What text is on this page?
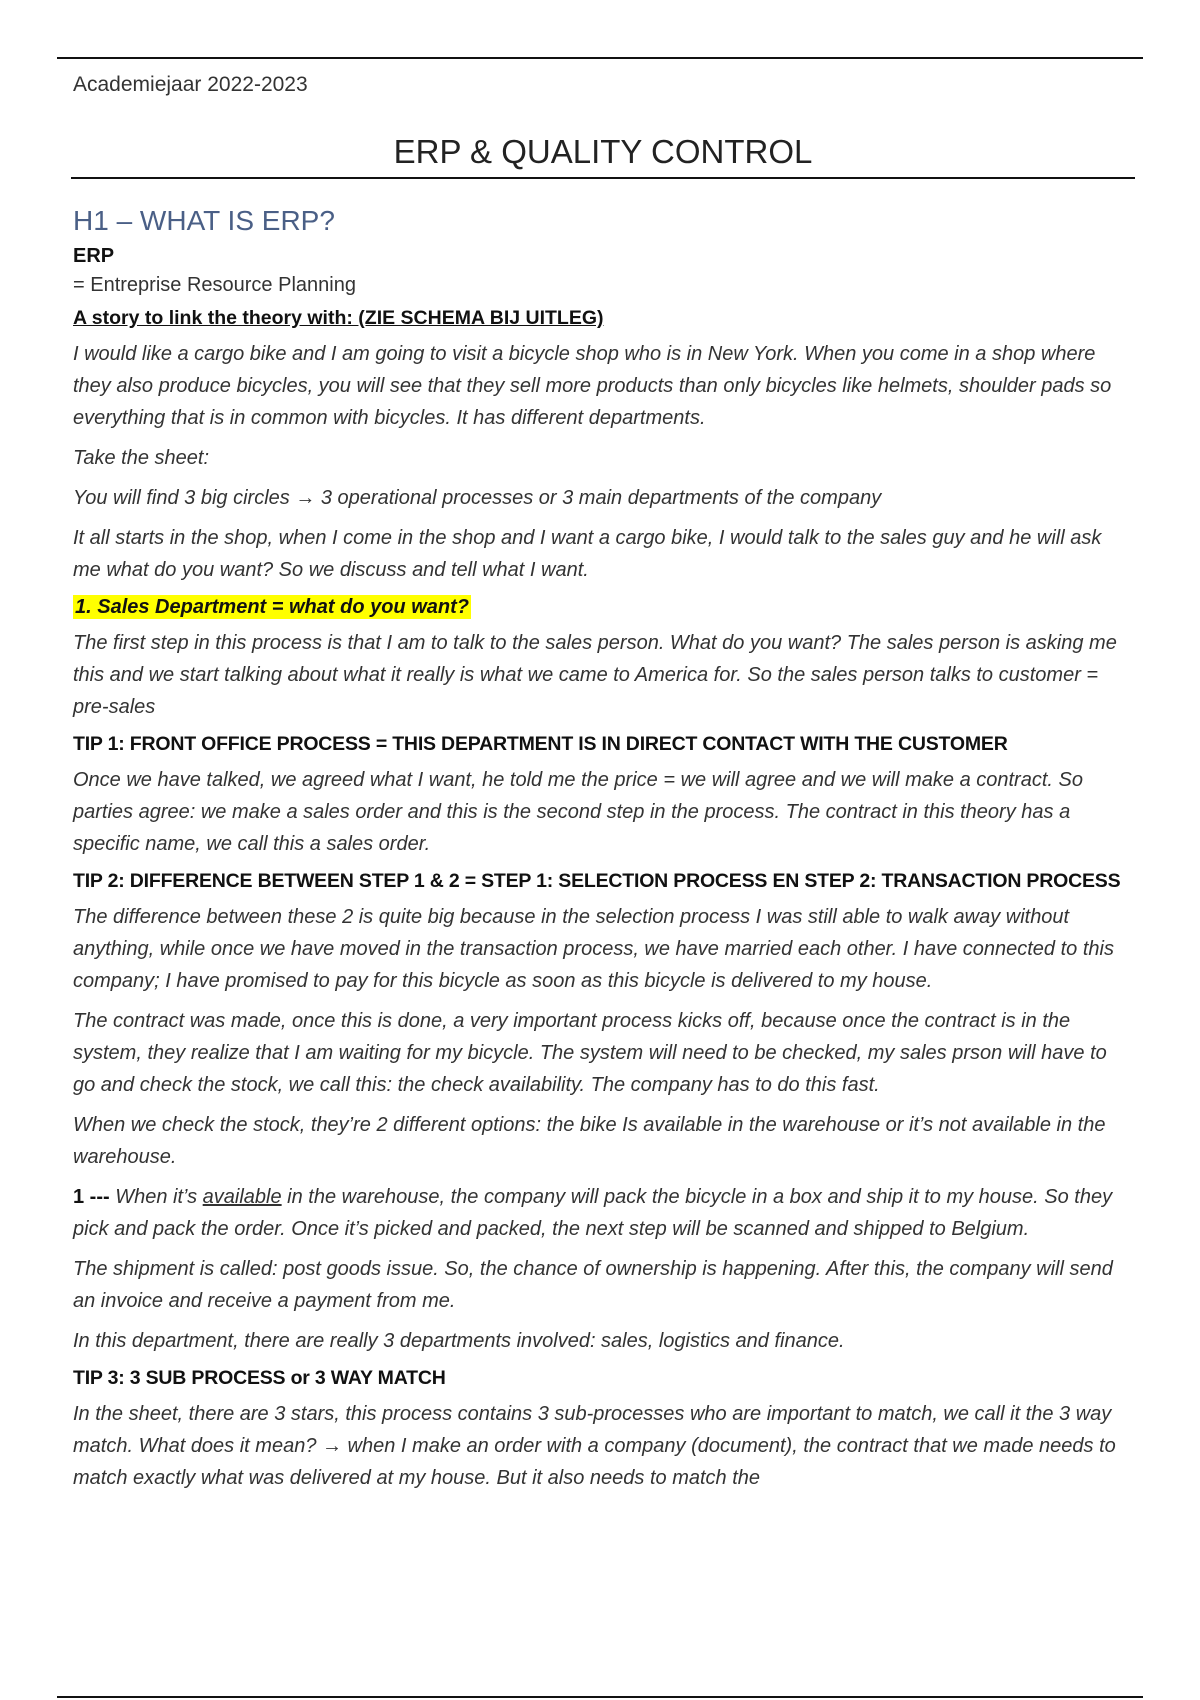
Academiejaar 2022-2023
ERP & QUALITY CONTROL
H1 – WHAT IS ERP?
ERP
= Entreprise Resource Planning
A story to link the theory with: (ZIE SCHEMA BIJ UITLEG)

I would like a cargo bike and I am going to visit a bicycle shop who is in New York. When you come in a shop where they also produce bicycles, you will see that they sell more products than only bicycles like helmets, shoulder pads so everything that is in common with bicycles. It has different departments.

Take the sheet:

You will find 3 big circles → 3 operational processes or 3 main departments of the company

It all starts in the shop, when I come in the shop and I want a cargo bike, I would talk to the sales guy and he will ask me what do you want? So we discuss and tell what I want.

1. Sales Department = what do you want?

The first step in this process is that I am to talk to the sales person. What do you want? The sales person is asking me this and we start talking about what it really is what we came to America for. So the sales person talks to customer = pre-sales

TIP 1: FRONT OFFICE PROCESS = THIS DEPARTMENT IS IN DIRECT CONTACT WITH THE CUSTOMER

Once we have talked, we agreed what I want, he told me the price = we will agree and we will make a contract. So parties agree: we make a sales order and this is the second step in the process. The contract in this theory has a specific name, we call this a sales order.

TIP 2: DIFFERENCE BETWEEN STEP 1 & 2 = STEP 1: SELECTION PROCESS EN STEP 2: TRANSACTION PROCESS

The difference between these 2 is quite big because in the selection process I was still able to walk away without anything, while once we have moved in the transaction process, we have married each other. I have connected to this company; I have promised to pay for this bicycle as soon as this bicycle is delivered to my house.

The contract was made, once this is done, a very important process kicks off, because once the contract is in the system, they realize that I am waiting for my bicycle. The system will need to be checked, my sales prson will have to go and check the stock, we call this: the check availability. The company has to do this fast.

When we check the stock, they’re 2 different options: the bike Is available in the warehouse or it’s not available in the warehouse.

1 --- When it’s available in the warehouse, the company will pack the bicycle in a box and ship it to my house. So they pick and pack the order. Once it’s picked and packed, the next step will be scanned and shipped to Belgium.

The shipment is called: post goods issue. So, the chance of ownership is happening. After this, the company will send an invoice and receive a payment from me.

In this department, there are really 3 departments involved: sales, logistics and finance.

TIP 3: 3 SUB PROCESS or 3 WAY MATCH

In the sheet, there are 3 stars, this process contains 3 sub-processes who are important to match, we call it the 3 way match. What does it mean? → when I make an order with a company (document), the contract that we made needs to match exactly what was delivered at my house. But it also needs to match the
